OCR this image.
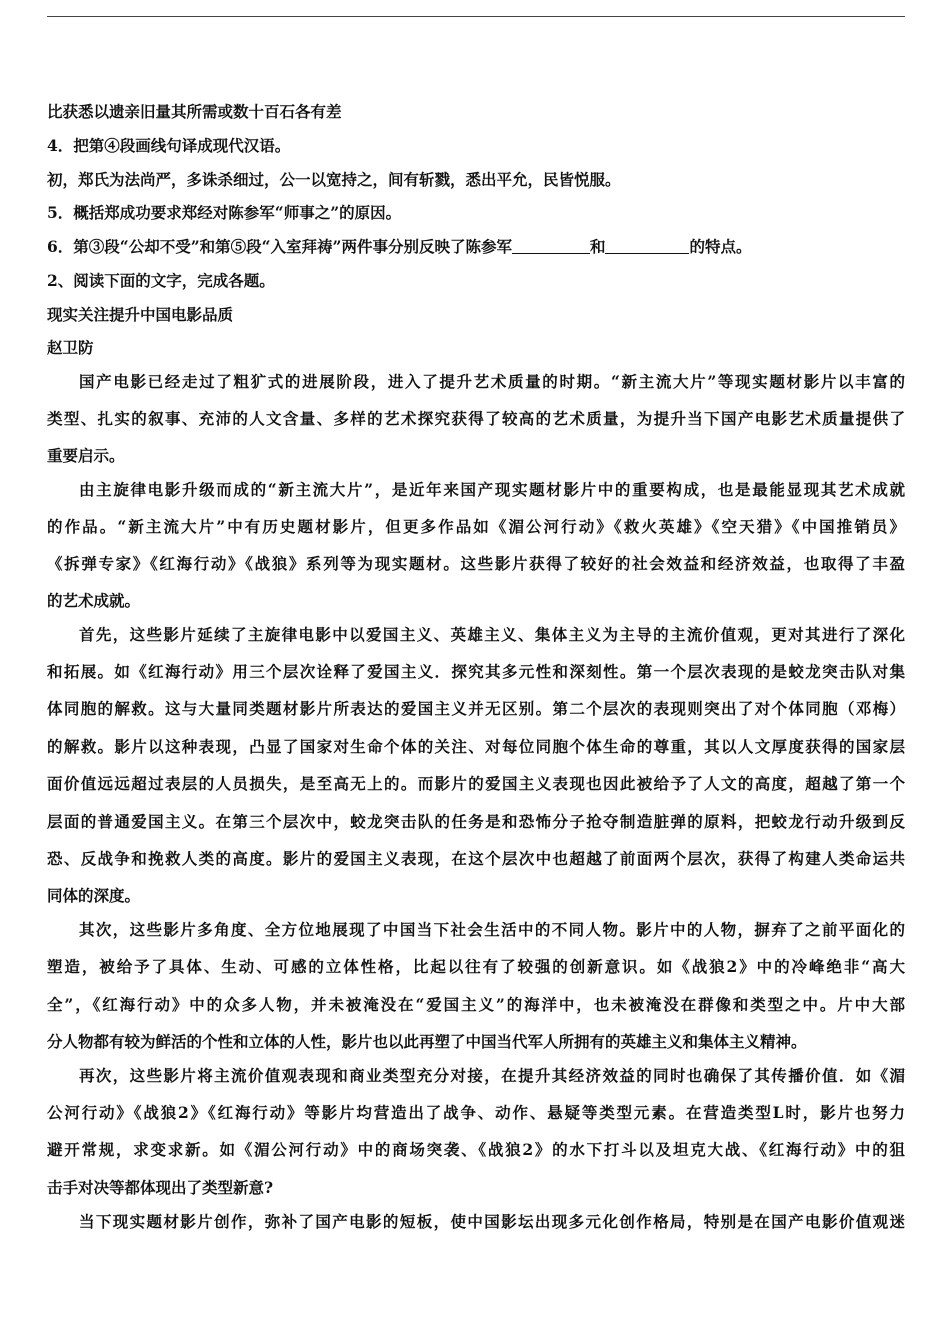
比获悉以遗亲旧量其所需或数十百石各有差
4．把第④段画线句译成现代汉语。
初，郑氏为法尚严，多诛杀细过，公一以宽持之，间有斩戮，悉出平允，民皆悦服。
5．概括郑成功要求郑经对陈参军“师事之”的原因。
6．第③段“公却不受”和第⑤段“入室拜祷”两件事分别反映了陈参军	和	的特点。
2、阅读下面的文字，完成各题。
现实关注提升中国电影品质
赵卫防
国产电影已经走过了粗犷式的进展阶段，进入了提升艺术质量的时期。“新主流大片”等现实题材影片以丰富的
类型、扎实的叙事、充沛的人文含量、多样的艺术探究获得了较高的艺术质量，为提升当下国产电影艺术质量提供了
重要启示。
由主旋律电影升级而成的“新主流大片”，是近年来国产现实题材影片中的重要构成，也是最能显现其艺术成就
的作品。“新主流大片”中有历史题材影片，但更多作品如《湄公河行动》《救火英雄》《空天猎》《中国推销员》
《拆弹专家》《红海行动》《战狼》系列等为现实题材。这些影片获得了较好的社会效益和经济效益，也取得了丰盈
的艺术成就。
首先，这些影片延续了主旋律电影中以爱国主义、英雄主义、集体主义为主导的主流价值观，更对其进行了深化
和拓展。如《红海行动》用三个层次诠释了爱国主义．探究其多元性和深刻性。第一个层次表现的是蛟龙突击队对集
体同胞的解救。这与大量同类题材影片所表达的爱国主义并无区别。第二个层次的表现则突出了对个体同胞（邓梅）
的解救。影片以这种表现，凸显了国家对生命个体的关注、对每位同胞个体生命的尊重，其以人文厚度获得的国家层
面价值远远超过表层的人员损失，是至高无上的。而影片的爱国主义表现也因此被给予了人文的高度，超越了第一个
层面的普通爱国主义。在第三个层次中，蛟龙突击队的任务是和恐怖分子抢夺制造脏弹的原料，把蛟龙行动升级到反
恐、反战争和挽救人类的高度。影片的爱国主义表现，在这个层次中也超越了前面两个层次，获得了构建人类命运共
同体的深度。
其次，这些影片多角度、全方位地展现了中国当下社会生活中的不同人物。影片中的人物，摒弃了之前平面化的
塑造，被给予了具体、生动、可感的立体性格，比起以往有了较强的创新意识。如《战狼2》中的冷峰绝非“高大
全”，《红海行动》中的众多人物，并未被淹没在“爱国主义”的海洋中，也未被淹没在群像和类型之中。片中大部
分人物都有较为鲜活的个性和立体的人性，影片也以此再塑了中国当代军人所拥有的英雄主义和集体主义精神。
再次，这些影片将主流价值观表现和商业类型充分对接，在提升其经济效益的同时也确保了其传播价值．如《湄
公河行动》《战狼2》《红海行动》等影片均营造出了战争、动作、悬疑等类型元素。在营造类型L时，影片也努力
避开常规，求变求新。如《湄公河行动》中的商场突袭、《战狼2》的水下打斗以及坦克大战、《红海行动》中的狙
击手对决等都体现出了类型新意?
当下现实题材影片创作，弥补了国产电影的短板，使中国影坛出现多元化创作格局，特别是在国产电影价值观迷
